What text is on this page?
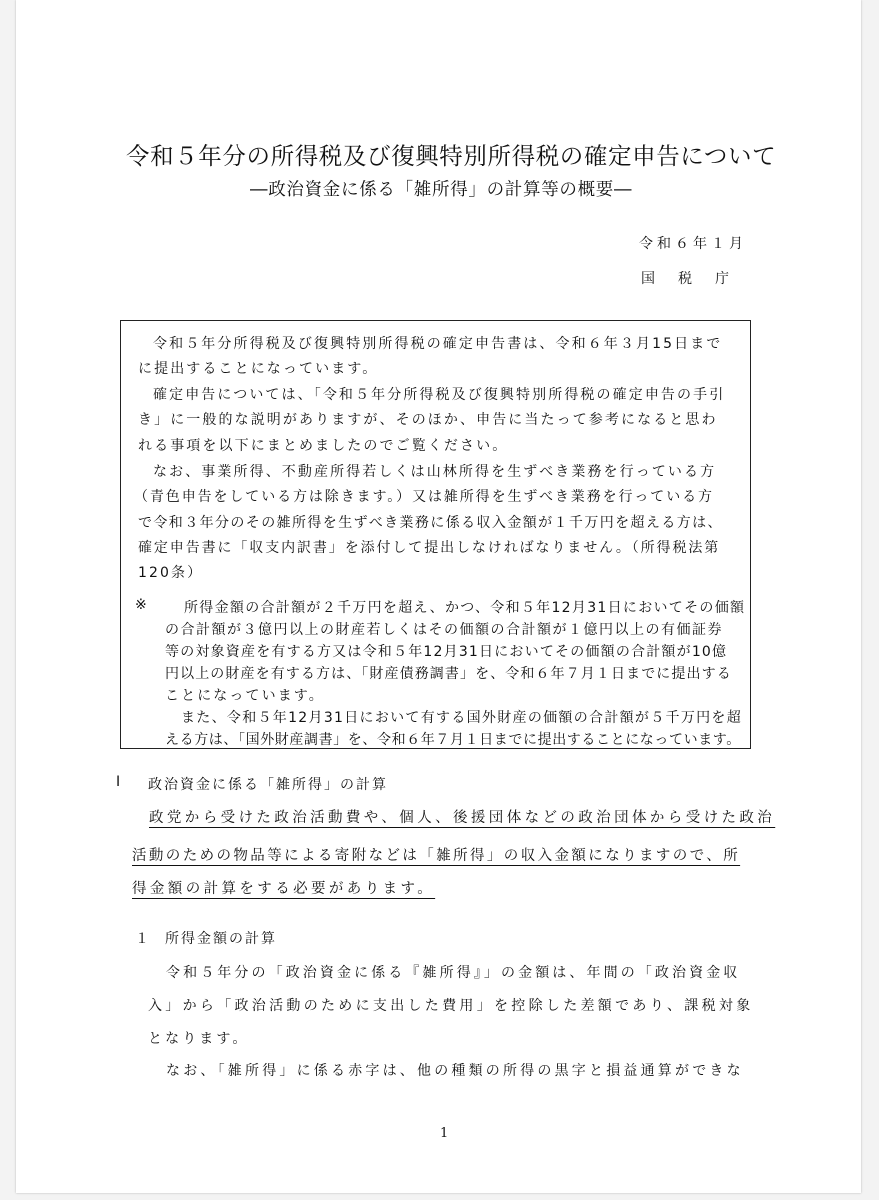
令和５年分の所得税及び復興特別所得税の確定申告について
―政治資金に係る「雑所得」の計算等の概要―
令和６年１月
国税庁
令和５年分所得税及び復興特別所得税の確定申告書は、令和６年３月15日まで
に提出することになっています。
確定申告については、「令和５年分所得税及び復興特別所得税の確定申告の手引
き」に一般的な説明がありますが、そのほか、申告に当たって参考になると思わ
れる事項を以下にまとめましたのでご覧ください。
なお、事業所得、不動産所得若しくは山林所得を生ずべき業務を行っている方
（青色申告をしている方は除きます。）又は雑所得を生ずべき業務を行っている方
で令和３年分のその雑所得を生ずべき業務に係る収入金額が１千万円を超える方は、
確定申告書に「収支内訳書」を添付して提出しなければなりません。（所得税法第
120条）
※	所得金額の合計額が２千万円を超え、かつ、令和５年12月31日においてその価額
の合計額が３億円以上の財産若しくはその価額の合計額が１億円以上の有価証券
等の対象資産を有する方又は令和５年12月31日においてその価額の合計額が10億
円以上の財産を有する方は、「財産債務調書」を、令和６年７月１日までに提出する
ことになっています。
また、令和５年12月31日において有する国外財産の価額の合計額が５千万円を超
える方は、「国外財産調書」を、令和６年７月１日までに提出することになっています。
Ⅰ 政治資金に係る「雑所得」の計算
政党から受けた政治活動費や、個人、後援団体などの政治団体から受けた政治
活動のための物品等による寄附などは「雑所得」の収入金額になりますので、所
得金額の計算をする必要があります。
１ 所得金額の計算
令和５年分の「政治資金に係る『雑所得』」の金額は、年間の「政治資金収
入」から「政治活動のために支出した費用」を控除した差額であり、課税対象
となります。
なお、「雑所得」に係る赤字は、他の種類の所得の黒字と損益通算ができな
1
